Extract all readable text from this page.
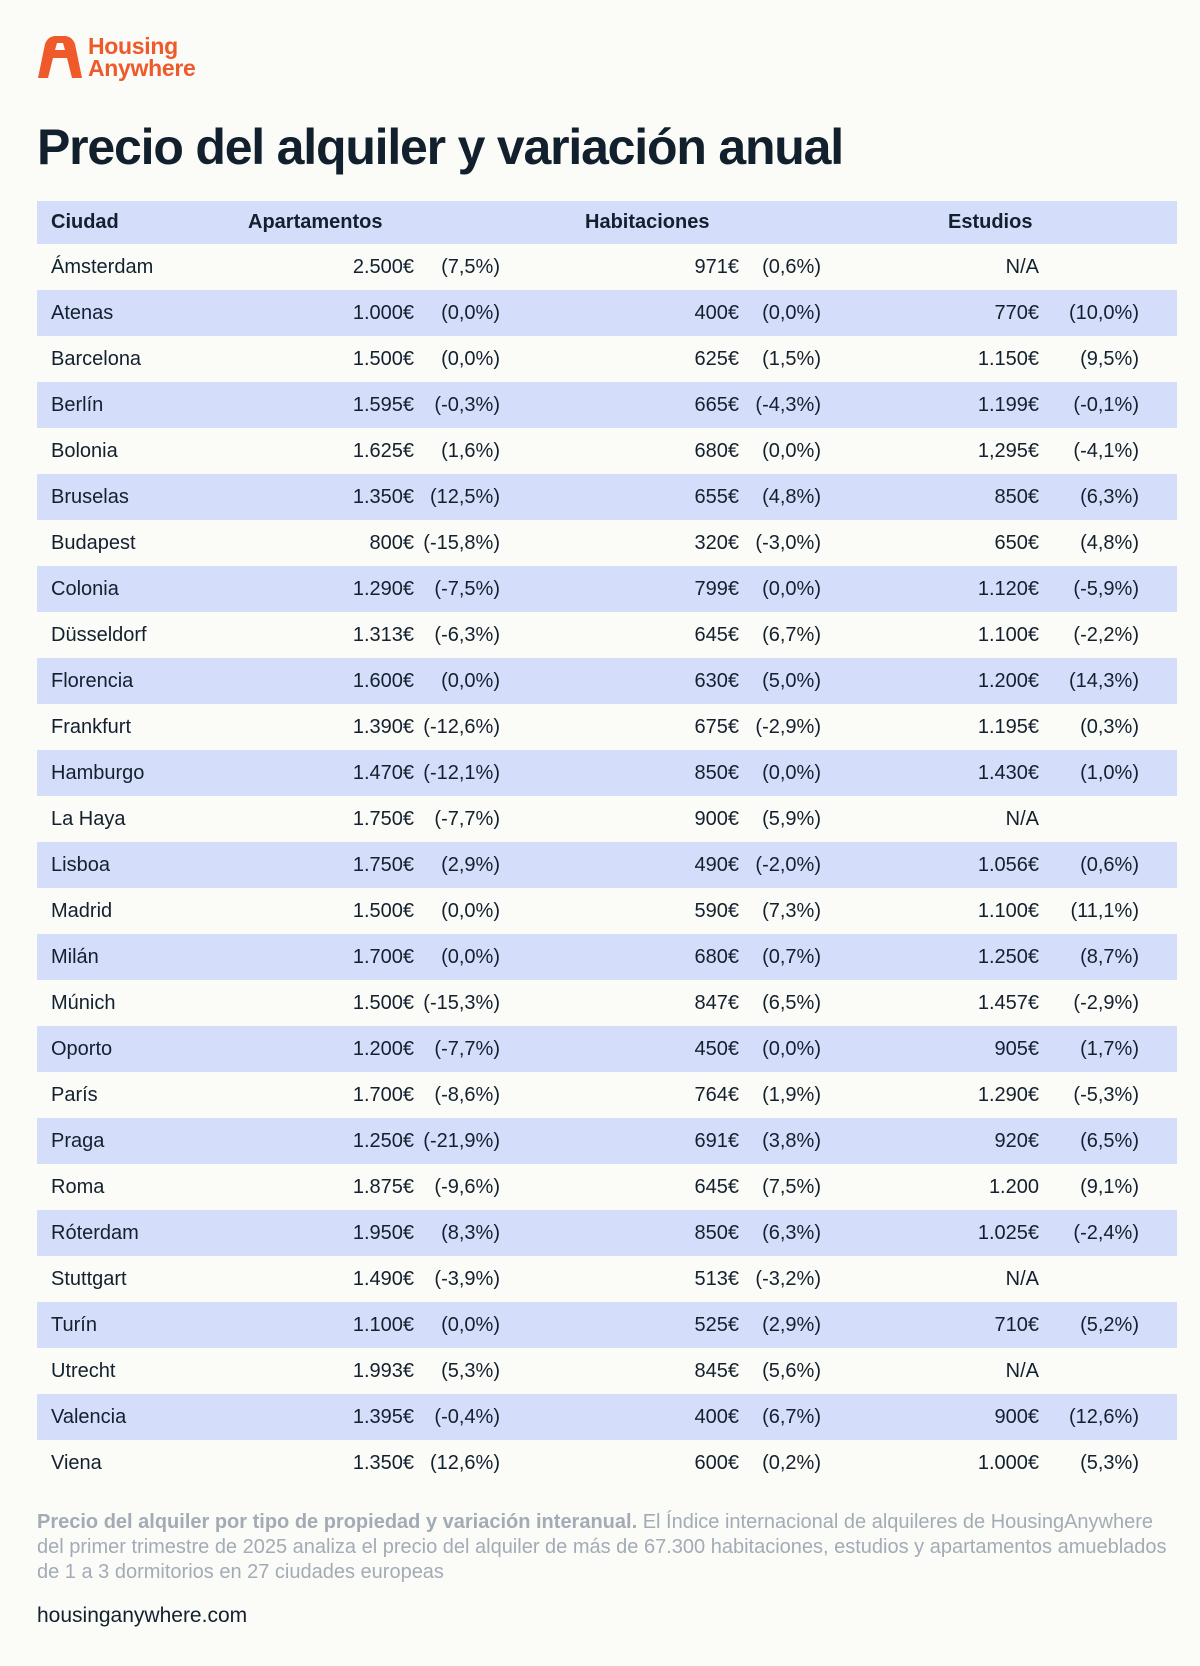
Housing
Anywhere
Precio del alquiler y variación anual
Ciudad	Apartamentos	Habitaciones	Estudios
Ámsterdam	2.500€ (7,5%)	971€ (0,6%)	N/A
Atenas	1.000€ (0,0%)	400€ (0,0%)	770€ (10,0%)
Barcelona	1.500€ (0,0%)	625€ (1,5%)	1.150€ (9,5%)
Berlín	1.595€ (-0,3%)	665€ (-4,3%)	1.199€ (-0,1%)
Bolonia	1.625€ (1,6%)	680€ (0,0%)	1,295€ (-4,1%)
Bruselas	1.350€ (12,5%)	655€ (4,8%)	850€ (6,3%)
Budapest	800€ (-15,8%)	320€ (-3,0%)	650€ (4,8%)
Colonia	1.290€ (-7,5%)	799€ (0,0%)	1.120€ (-5,9%)
Düsseldorf	1.313€ (-6,3%)	645€ (6,7%)	1.100€ (-2,2%)
Florencia	1.600€ (0,0%)	630€ (5,0%)	1.200€ (14,3%)
Frankfurt	1.390€ (-12,6%)	675€ (-2,9%)	1.195€ (0,3%)
Hamburgo	1.470€ (-12,1%)	850€ (0,0%)	1.430€ (1,0%)
La Haya	1.750€ (-7,7%)	900€ (5,9%)	N/A
Lisboa	1.750€ (2,9%)	490€ (-2,0%)	1.056€ (0,6%)
Madrid	1.500€ (0,0%)	590€ (7,3%)	1.100€ (11,1%)
Milán	1.700€ (0,0%)	680€ (0,7%)	1.250€ (8,7%)
Múnich	1.500€ (-15,3%)	847€ (6,5%)	1.457€ (-2,9%)
Oporto	1.200€ (-7,7%)	450€ (0,0%)	905€ (1,7%)
París	1.700€ (-8,6%)	764€ (1,9%)	1.290€ (-5,3%)
Praga	1.250€ (-21,9%)	691€ (3,8%)	920€ (6,5%)
Roma	1.875€ (-9,6%)	645€ (7,5%)	1.200 (9,1%)
Róterdam	1.950€ (8,3%)	850€ (6,3%)	1.025€ (-2,4%)
Stuttgart	1.490€ (-3,9%)	513€ (-3,2%)	N/A
Turín	1.100€ (0,0%)	525€ (2,9%)	710€ (5,2%)
Utrecht	1.993€ (5,3%)	845€ (5,6%)	N/A
Valencia	1.395€ (-0,4%)	400€ (6,7%)	900€ (12,6%)
Viena	1.350€ (12,6%)	600€ (0,2%)	1.000€ (5,3%)
Precio del alquiler por tipo de propiedad y variación interanual. El Índice internacional de alquileres de HousingAnywhere del primer trimestre de 2025 analiza el precio del alquiler de más de 67.300 habitaciones, estudios y apartamentos amueblados de 1 a 3 dormitorios en 27 ciudades europeas
housinganywhere.com
